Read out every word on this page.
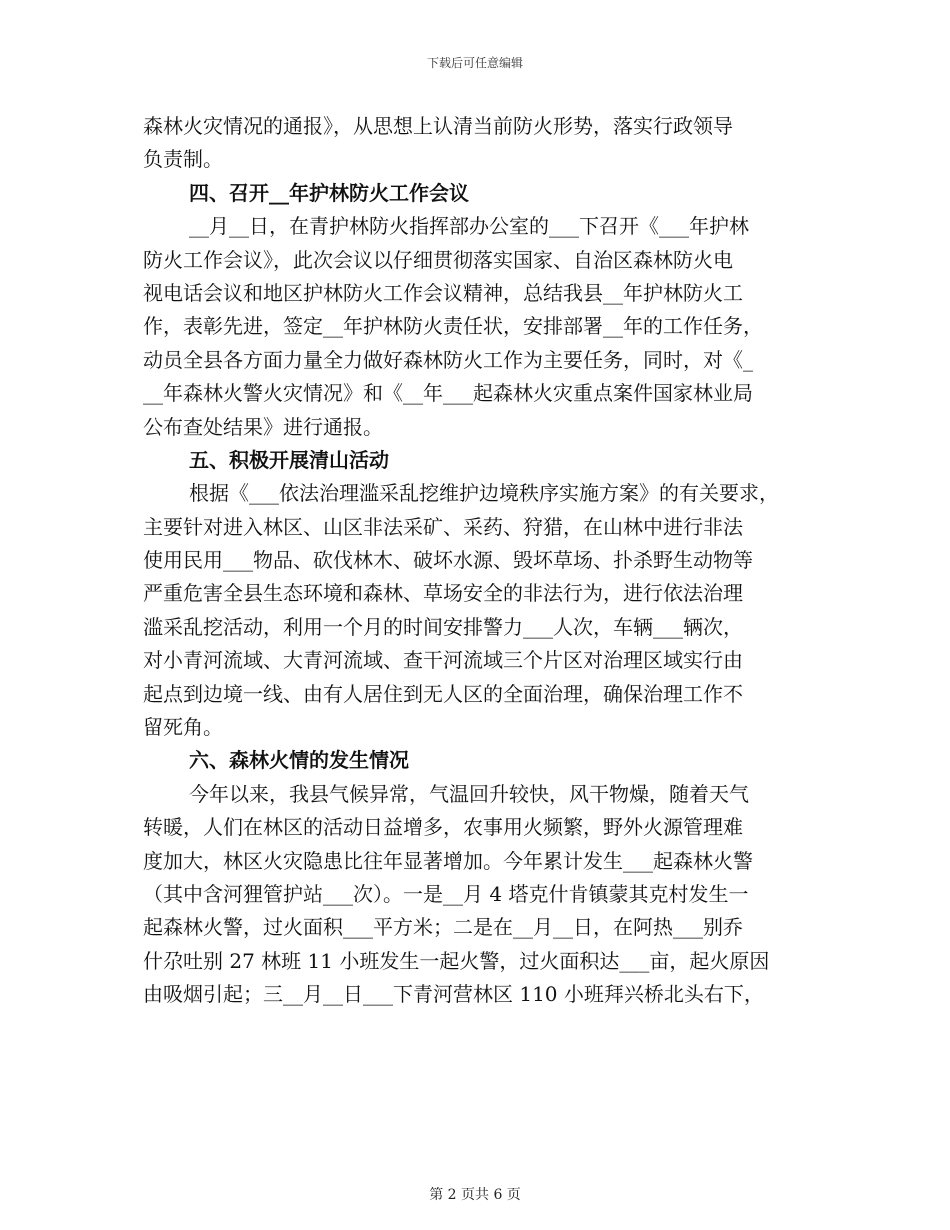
下载后可任意编辑
森林火灾情况的通报》，从思想上认清当前防火形势，落实行政领导
负责制。
四、召开__年护林防火工作会议
__月__日，在青护林防火指挥部办公室的___下召开《___年护林
防火工作会议》，此次会议以仔细贯彻落实国家、自治区森林防火电
视电话会议和地区护林防火工作会议精神，总结我县__年护林防火工
作，表彰先进，签定__年护林防火责任状，安排部署__年的工作任务，
动员全县各方面力量全力做好森林防火工作为主要任务，同时，对《_
__年森林火警火灾情况》和《__年___起森林火灾重点案件国家林业局
公布查处结果》进行通报。
五、积极开展清山活动
根据《___依法治理滥采乱挖维护边境秩序实施方案》的有关要求，
主要针对进入林区、山区非法采矿、采药、狩猎，在山林中进行非法
使用民用___物品、砍伐林木、破坏水源、毁坏草场、扑杀野生动物等
严重危害全县生态环境和森林、草场安全的非法行为，进行依法治理
滥采乱挖活动，利用一个月的时间安排警力___人次，车辆___辆次，
对小青河流域、大青河流域、查干河流域三个片区对治理区域实行由
起点到边境一线、由有人居住到无人区的全面治理，确保治理工作不
留死角。
六、森林火情的发生情况
今年以来，我县气候异常，气温回升较快，风干物燥，随着天气
转暖，人们在林区的活动日益增多，农事用火频繁，野外火源管理难
度加大，林区火灾隐患比往年显著增加。今年累计发生___起森林火警
（其中含河狸管护站___次）。一是__月 4 塔克什肯镇蒙其克村发生一
起森林火警，过火面积___平方米；二是在__月__日，在阿热___别乔
什尕吐别 27 林班 11 小班发生一起火警，过火面积达___亩，起火原因
由吸烟引起；三__月__日___下青河营林区 110 小班拜兴桥北头右下，
第 2 页共 6 页
